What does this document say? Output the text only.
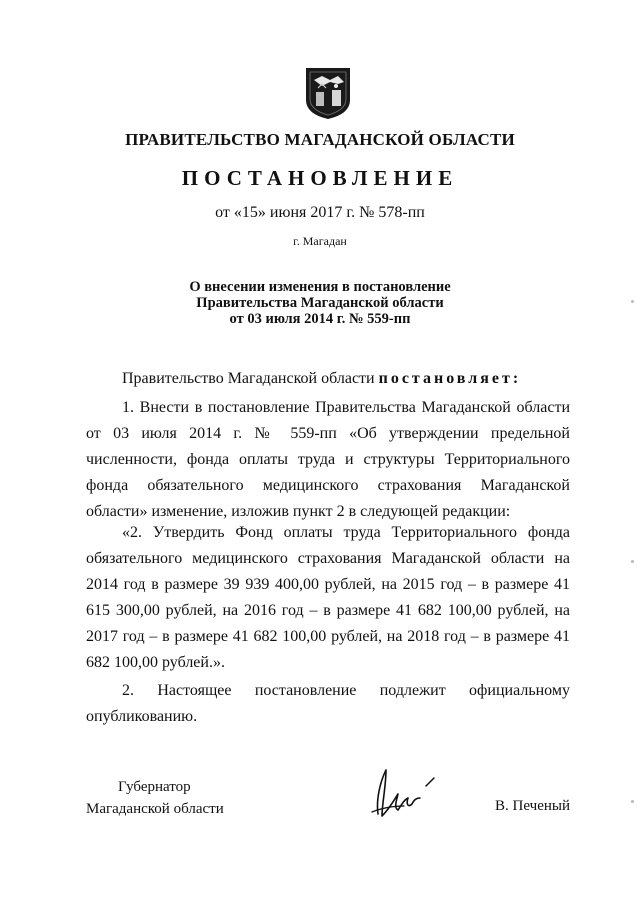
ПРАВИТЕЛЬСТВО МАГАДАНСКОЙ ОБЛАСТИ
ПОСТАНОВЛЕНИЕ
от «15» июня 2017 г. № 578-пп
г. Магадан
О внесении изменения в постановление
Правительства Магаданской области
от 03 июля 2014 г. № 559-пп
Правительство Магаданской области постановляет:
1. Внести в постановление Правительства Магаданской области от 03 июля 2014 г. № 559-пп «Об утверждении предельной численности, фонда оплаты труда и структуры Территориального фонда обязательного медицинского страхования Магаданской области» изменение, изложив пункт 2 в следующей редакции:
«2. Утвердить Фонд оплаты труда Территориального фонда обязательного медицинского страхования Магаданской области на 2014 год в размере 39 939 400,00 рублей, на 2015 год – в размере 41 615 300,00 рублей, на 2016 год – в размере 41 682 100,00 рублей, на 2017 год – в размере 41 682 100,00 рублей, на 2018 год – в размере 41 682 100,00 рублей.».
2. Настоящее постановление подлежит официальному опубликованию.
Губернатор
Магаданской области	В. Печеный
